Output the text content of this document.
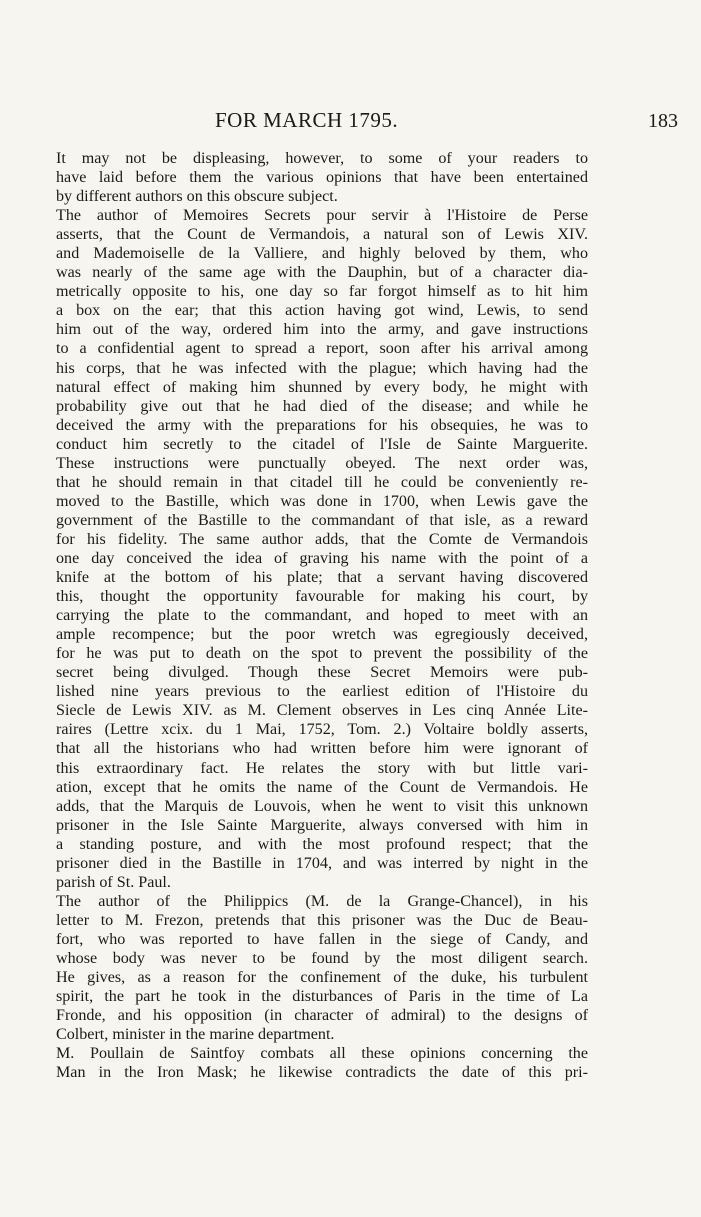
FOR MARCH 1795.	183
It may not be displeasing, however, to some of your readers to
have laid before them the various opinions that have been entertained
by different authors on this obscure subject.
The author of Memoires Secrets pour servir à l'Histoire de Perse
asserts, that the Count de Vermandois, a natural son of Lewis XIV.
and Mademoiselle de la Valliere, and highly beloved by them, who
was nearly of the same age with the Dauphin, but of a character dia-
metrically opposite to his, one day so far forgot himself as to hit him
a box on the ear; that this action having got wind, Lewis, to send
him out of the way, ordered him into the army, and gave instructions
to a confidential agent to spread a report, soon after his arrival among
his corps, that he was infected with the plague; which having had the
natural effect of making him shunned by every body, he might with
probability give out that he had died of the disease; and while he
deceived the army with the preparations for his obsequies, he was to
conduct him secretly to the citadel of l'Isle de Sainte Marguerite.
These instructions were punctually obeyed. The next order was,
that he should remain in that citadel till he could be conveniently re-
moved to the Bastille, which was done in 1700, when Lewis gave the
government of the Bastille to the commandant of that isle, as a reward
for his fidelity. The same author adds, that the Comte de Vermandois
one day conceived the idea of graving his name with the point of a
knife at the bottom of his plate; that a servant having discovered
this, thought the opportunity favourable for making his court, by
carrying the plate to the commandant, and hoped to meet with an
ample recompence; but the poor wretch was egregiously deceived,
for he was put to death on the spot to prevent the possibility of the
secret being divulged. Though these Secret Memoirs were pub-
lished nine years previous to the earliest edition of l'Histoire du
Siecle de Lewis XIV. as M. Clement observes in Les cinq Année Lite-
raires (Lettre xcix. du 1 Mai, 1752, Tom. 2.) Voltaire boldly asserts,
that all the historians who had written before him were ignorant of
this extraordinary fact. He relates the story with but little vari-
ation, except that he omits the name of the Count de Vermandois. He
adds, that the Marquis de Louvois, when he went to visit this unknown
prisoner in the Isle Sainte Marguerite, always conversed with him in
a standing posture, and with the most profound respect; that the
prisoner died in the Bastille in 1704, and was interred by night in the
parish of St. Paul.
The author of the Philippics (M. de la Grange-Chancel), in his
letter to M. Frezon, pretends that this prisoner was the Duc de Beau-
fort, who was reported to have fallen in the siege of Candy, and
whose body was never to be found by the most diligent search.
He gives, as a reason for the confinement of the duke, his turbulent
spirit, the part he took in the disturbances of Paris in the time of La
Fronde, and his opposition (in character of admiral) to the designs of
Colbert, minister in the marine department.
M. Poullain de Saintfoy combats all these opinions concerning the
Man in the Iron Mask; he likewise contradicts the date of this pri-
